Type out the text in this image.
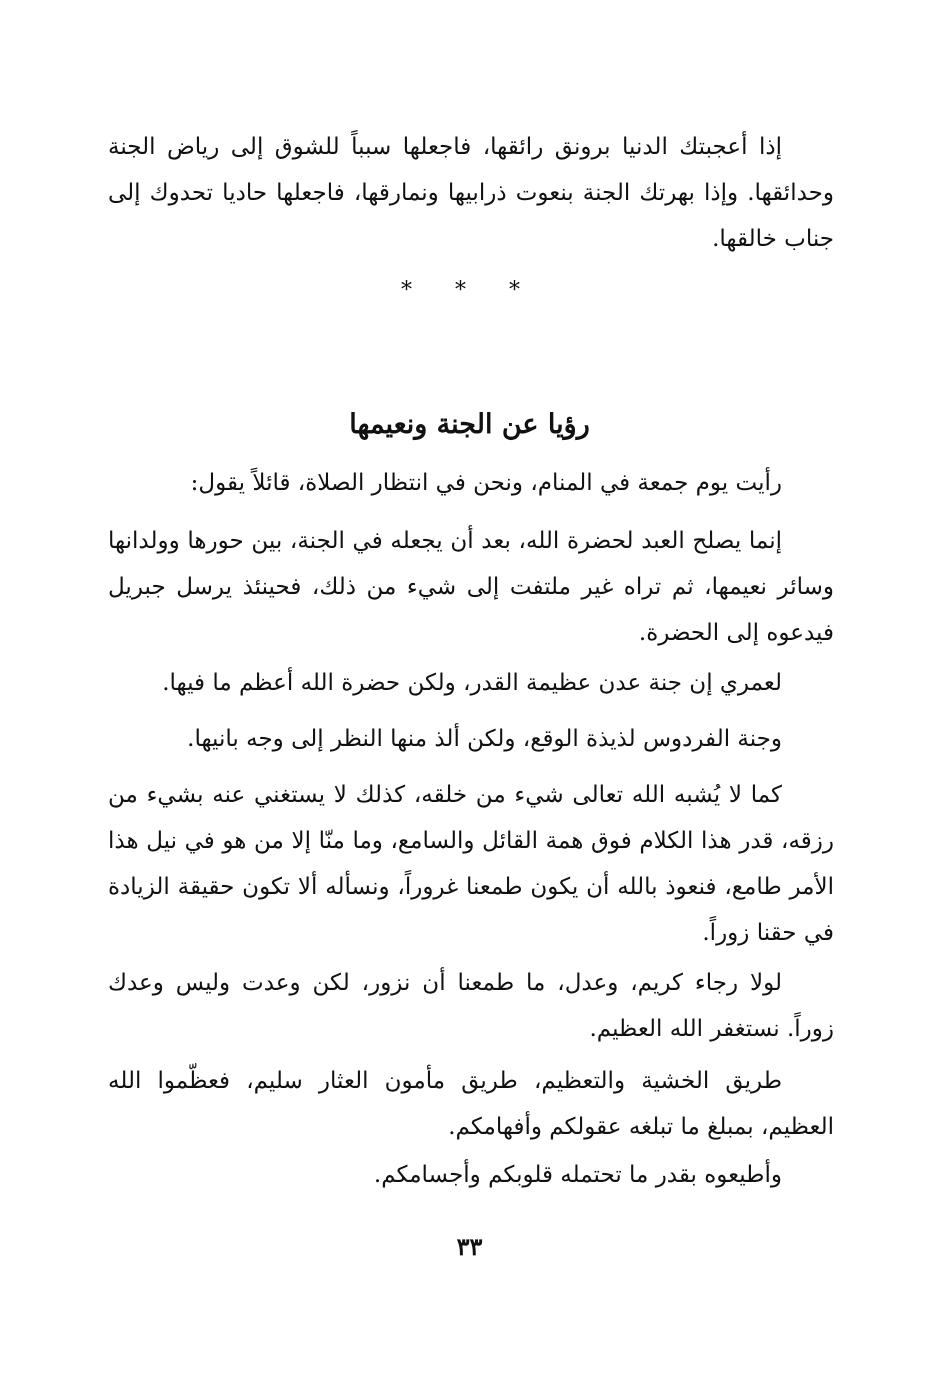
إذا أعجبتك الدنيا برونق رائقها، فاجعلها سبباً للشوق إلى رياض الجنة وحدائقها. وإذا بهرتك الجنة بنعوت ذرابيها ونمارقها، فاجعلها حاديا تحدوك إلى جناب خالقها.

* * *
رؤيا عن الجنة ونعيمها

رأيت يوم جمعة في المنام، ونحن في انتظار الصلاة، قائلاً يقول:

إنما يصلح العبد لحضرة الله، بعد أن يجعله في الجنة، بين حورها وولدانها وسائر نعيمها، ثم تراه غير ملتفت إلى شيء من ذلك، فحينئذ يرسل جبريل فيدعوه إلى الحضرة.

لعمري إن جنة عدن عظيمة القدر، ولكن حضرة الله أعظم ما فيها.

وجنة الفردوس لذيذة الوقع، ولكن ألذ منها النظر إلى وجه بانيها.

كما لا يُشبه الله تعالى شيء من خلقه، كذلك لا يستغني عنه بشيء من رزقه، قدر هذا الكلام فوق همة القائل والسامع، وما منّا إلا من هو في نيل هذا الأمر طامع، فنعوذ بالله أن يكون طمعنا غروراً، ونسأله ألا تكون حقيقة الزيادة في حقنا زوراً.

لولا رجاء كريم، وعدل، ما طمعنا أن نزور، لكن وعدت وليس وعدك زوراً. نستغفر الله العظيم.

طريق الخشية والتعظيم، طريق مأمون العثار سليم، فعظّموا الله العظيم، بمبلغ ما تبلغه عقولكم وأفهامكم.

وأطيعوه بقدر ما تحتمله قلوبكم وأجسامكم.

٣٣
